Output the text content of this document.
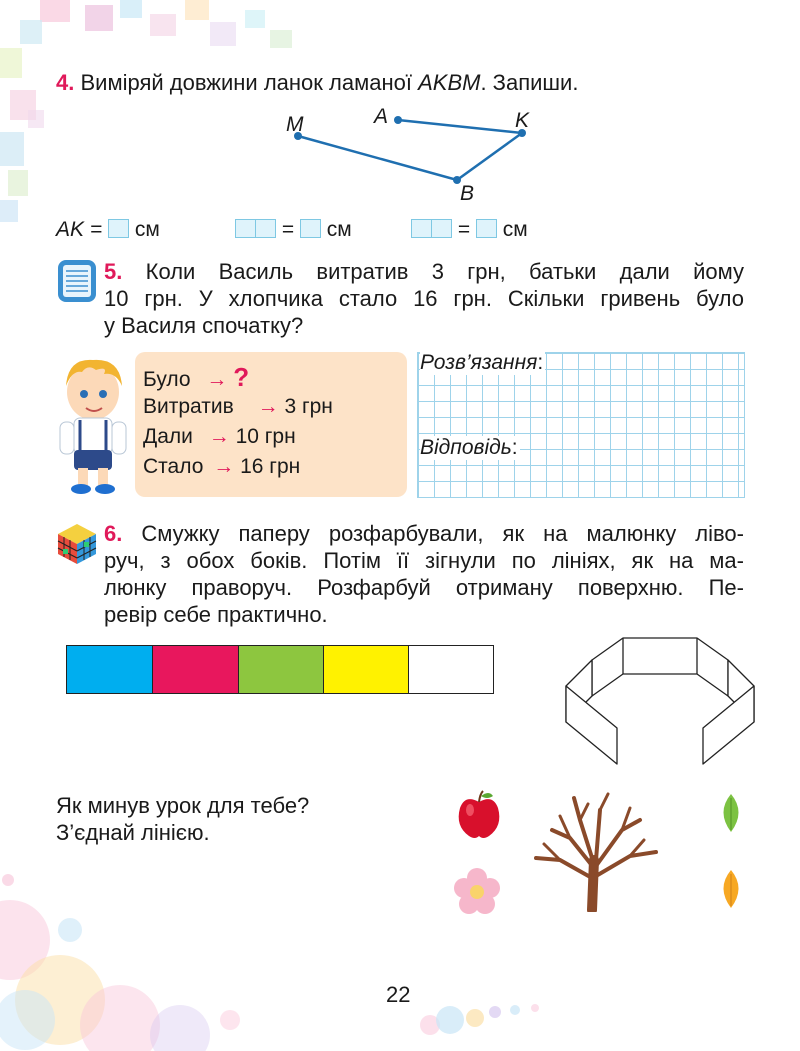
4. Виміряй довжини ланок ламаної AKBM. Запиши.
M	A	K
B
AK = см	= см	= см
5. Коли Василь витратив 3 грн, батьки дали йому
10 грн. У хлопчика стало 16 грн. Скільки гривень було
у Василя спочатку?
Було → ?
Витратив → 3 грн
Дали → 10 грн
Стало → 16 грн
Розв’язання:
Відповідь:
6. Смужку паперу розфарбували, як на малюнку ліво-
руч, з обох боків. Потім її зігнули по лініях, як на ма-
люнку праворуч. Розфарбуй отриману поверхню. Пе-
ревір себе практично.
Як минув урок для тебе?
З’єднай лінією.
22
